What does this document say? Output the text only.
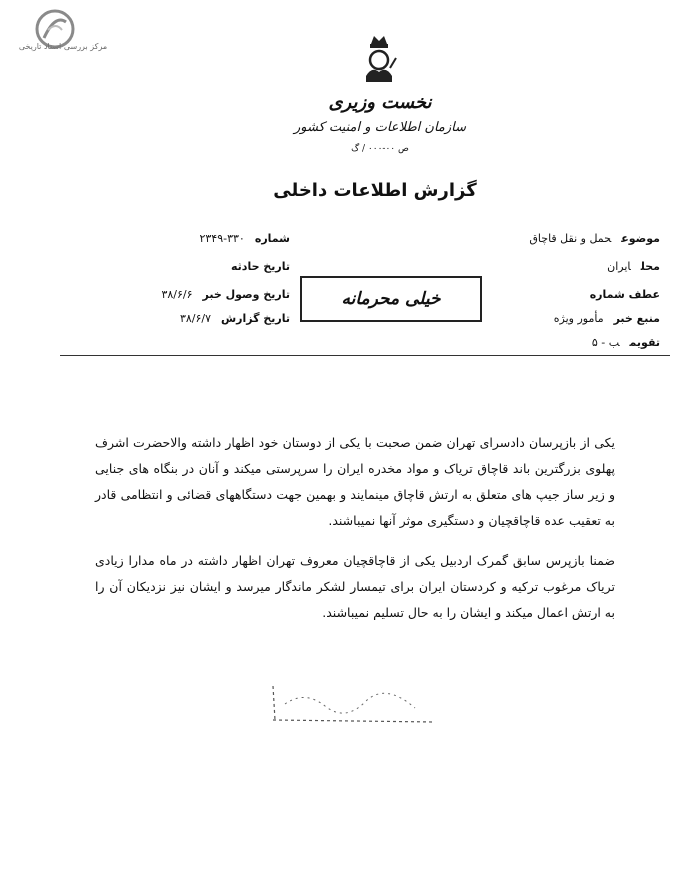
مرکز بررسی اسناد تاریخی
نخست وزیری
سازمان اطلاعات و امنیت کشور
ص ۰۰-۰۰۰ / گ
گزارش اطلاعات داخلی
شماره۳۳۰-۲۳۴۹
تاریخ حادثه
تاریخ وصول خبر۳۸/۶/۶
تاریخ گزارش۳۸/۶/۷
موضوعحمل و نقل قاچاق
محلایران
عطف شماره
منبع خبرمأمور ویژه
تقویمب - ۵
خیلی محرمانه

یکی از بازپرسان دادسرای تهران ضمن صحبت با یکی از دوستان خود اظهار داشته والاحضرت اشرف پهلوی بزرگترین باند قاچاق تریاک و مواد مخدره ایران را سرپرستی میکند و آنان در بنگاه های جنایی و زیر ساز جیپ های متعلق به ارتش قاچاق مینمایند و بهمین جهت دستگاههای قضائی و انتظامی قادر به تعقیب عده قاچاقچیان و دستگیری موثر آنها نمیباشند.

ضمنا بازپرس سابق گمرک اردبیل یکی از قاچاقچیان معروف تهران اظهار داشته در ماه مدارا زیادی تریاک مرغوب ترکیه و کردستان ایران برای تیمسار لشکر ماندگار میرسد و ایشان نیز نزدیکان آن را به ارتش اعمال میکند و ایشان را به حال تسلیم نمیباشند.
